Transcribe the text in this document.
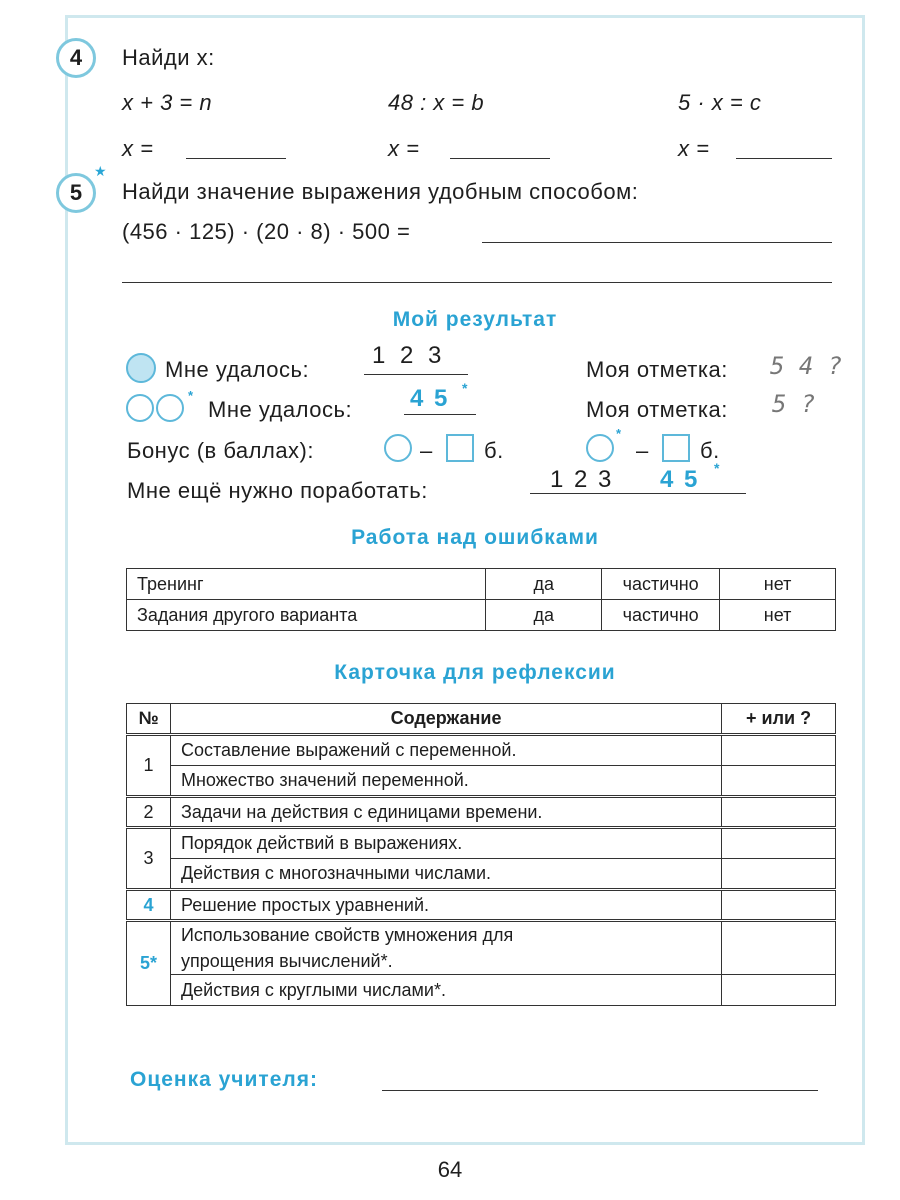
4	Найди x:
x + 3 = n	48 : x = b	5 · x = c
x =	x =	x =
5
★
Найди значение выражения удобным способом:
(456 · 125) · (20 · 8) · 500 =
Мой результат
Мне удалось:
1 2 3
Моя отметка: 5 4 ?
*
Мне удалось: 4 5 *
Моя отметка: 5 ?
Бонус (в баллах):	– б.
*
– б.
Мне ещё нужно поработать:	1 2 3 4 5 *
Работа над ошибками
Тренинг	да	частично	нет
Задания другого варианта	да	частично	нет
Карточка для рефлексии
№	Содержание	+ или ?
1	Составление выражений с переменной.	
	Множество значений переменной.	
2	Задачи на действия с единицами времени.	
3	Порядок действий в выражениях.	
	Действия с многозначными числами.	
4	Решение простых уравнений.	
5*	Использование свойств умножения для
упрощения вычислений*.	

	Действия с круглыми числами*.	
Оценка учителя:
64
